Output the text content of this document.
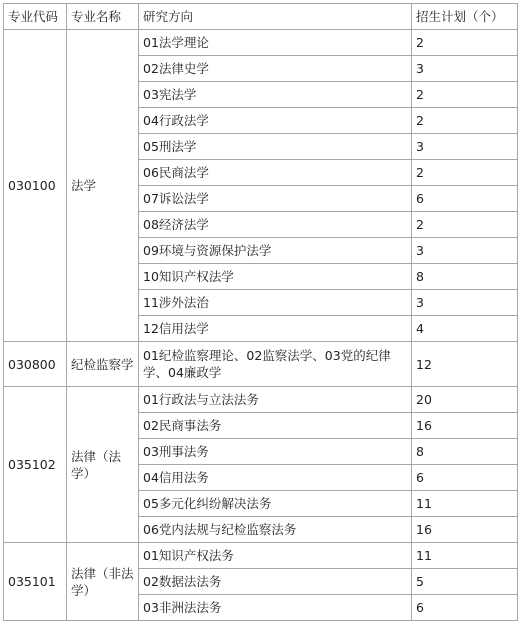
专业代码	专业名称	研究方向	招生计划（个）
030100	法学	01法学理论	2
		02法律史学	3
		03宪法学	2
		04行政法学	2
		05刑法学	3
		06民商法学	2
		07诉讼法学	6
		08经济法学	2
		09环境与资源保护法学	3
		10知识产权法学	8
		11涉外法治	3
		12信用法学	4
030800	纪检监察学	01纪检监察理论、02监察法学、03党的纪律学、04廉政学	12
035102	法律（法学）	01行政法与立法法务	20
		02民商事法务	16
		03刑事法务	8
		04信用法务	6
		05多元化纠纷解决法务	11
		06党内法规与纪检监察法务	16
035101	法律（非法学）	01知识产权法务	11
		02数据法法务	5
		03非洲法法务	6
